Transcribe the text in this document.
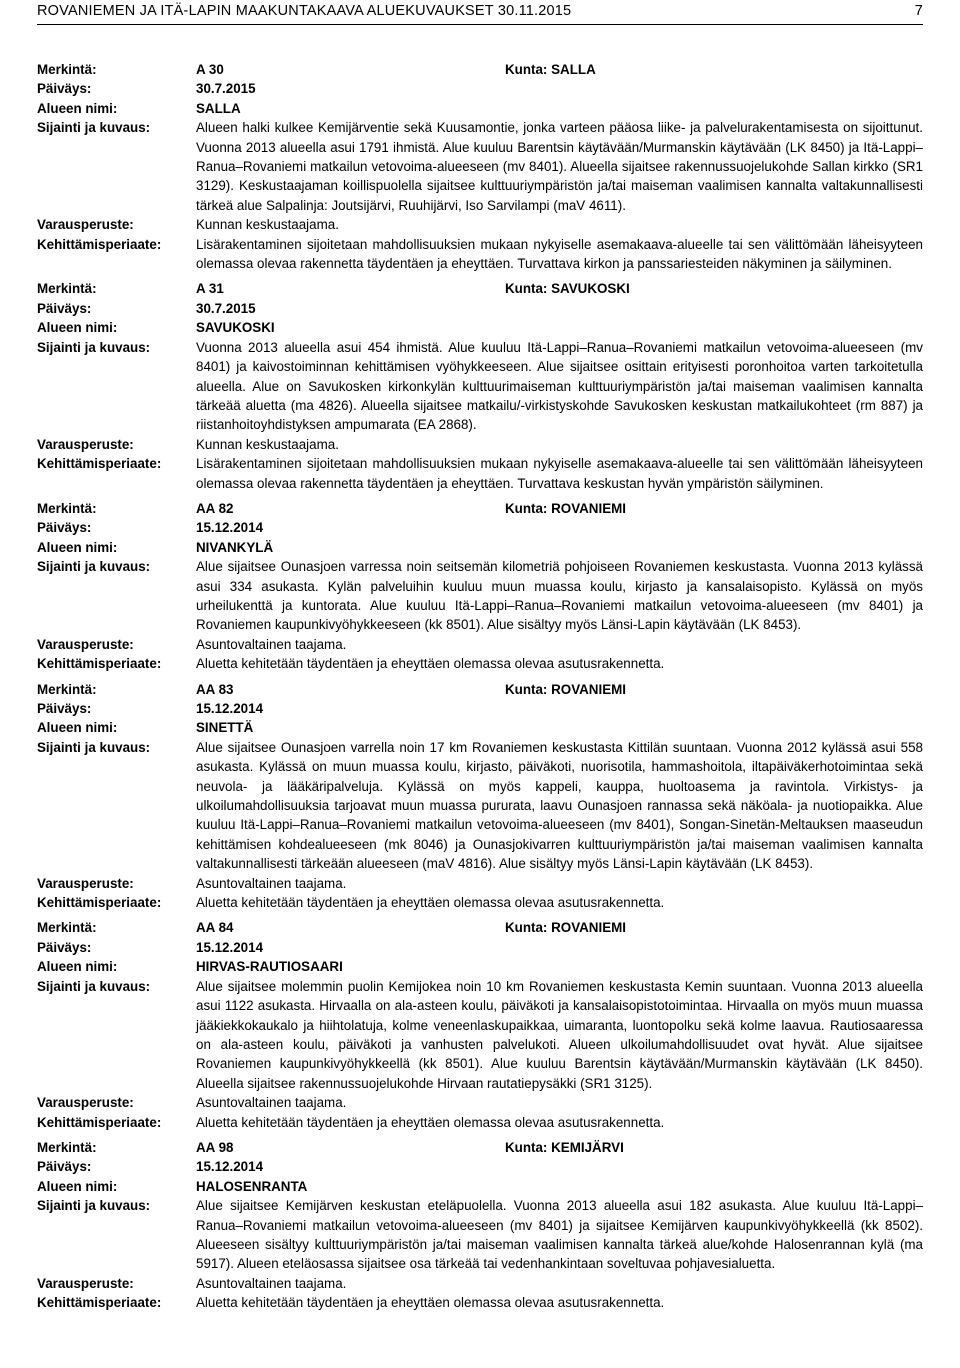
ROVANIEMEN JA ITÄ-LAPIN MAAKUNTAKAAVA ALUEKUVAUKSET 30.11.2015	7
Merkintä:	A 30	Kunta: SALLA
Päiväys:	30.7.2015
Alueen nimi:	SALLA
Sijainti ja kuvaus:	Alueen halki kulkee Kemijärventie sekä Kuusamontie, jonka varteen pääosa liike- ja palvelurakentamisesta on sijoittunut. Vuonna 2013 alueella asui 1791 ihmistä. Alue kuuluu Barentsin käytävään/Murmanskin käytävään (LK 8450) ja Itä-Lappi–Ranua–Rovaniemi matkailun vetovoima-alueeseen (mv 8401). Alueella sijaitsee rakennussuojelukohde Sallan kirkko (SR1 3129). Keskustaajaman koillispuolella sijaitsee kulttuuriympäristön ja/tai maiseman vaalimisen kannalta valtakunnallisesti tärkeä alue Salpalinja: Joutsijärvi, Ruuhijärvi, Iso Sarvilampi (maV 4611).
Varausperuste:	Kunnan keskustaajama.
Kehittämisperiaate:	Lisärakentaminen sijoitetaan mahdollisuuksien mukaan nykyiselle asemakaava-alueelle tai sen välittömään läheisyyteen olemassa olevaa rakennetta täydentäen ja eheyttäen. Turvattava kirkon ja panssariesteiden näkyminen ja säilyminen.
Merkintä:	A 31	Kunta: SAVUKOSKI
Päiväys:	30.7.2015
Alueen nimi:	SAVUKOSKI
Sijainti ja kuvaus:	Vuonna 2013 alueella asui 454 ihmistä. Alue kuuluu Itä-Lappi–Ranua–Rovaniemi matkailun vetovoima-alueeseen (mv 8401) ja kaivostoiminnan kehittämisen vyöhykkeeseen. Alue sijaitsee osittain erityisesti poronhoitoa varten tarkoitetulla alueella. Alue on Savukosken kirkonkylän kulttuurimaiseman kulttuuriympäristön ja/tai maiseman vaalimisen kannalta tärkeää aluetta (ma 4826). Alueella sijaitsee matkailu/-virkistyskohde Savukosken keskustan matkailukohteet (rm 887) ja riistanhoitoyhdistyksen ampumarata (EA 2868).
Varausperuste:	Kunnan keskustaajama.
Kehittämisperiaate:	Lisärakentaminen sijoitetaan mahdollisuuksien mukaan nykyiselle asemakaava-alueelle tai sen välittömään läheisyyteen olemassa olevaa rakennetta täydentäen ja eheyttäen. Turvattava keskustan hyvän ympäristön säilyminen.
Merkintä:	AA 82	Kunta: ROVANIEMI
Päiväys:	15.12.2014
Alueen nimi:	NIVANKYLÄ
Sijainti ja kuvaus:	Alue sijaitsee Ounasjoen varressa noin seitsemän kilometriä pohjoiseen Rovaniemen keskustasta. Vuonna 2013 kylässä asui 334 asukasta. Kylän palveluihin kuuluu muun muassa koulu, kirjasto ja kansalaisopisto. Kylässä on myös urheilukenttä ja kuntorata. Alue kuuluu Itä-Lappi–Ranua–Rovaniemi matkailun vetovoima-alueeseen (mv 8401) ja Rovaniemen kaupunkivyöhykkeeseen (kk 8501). Alue sisältyy myös Länsi-Lapin käytävään (LK 8453).
Varausperuste:	Asuntovaltainen taajama.
Kehittämisperiaate:	Aluetta kehitetään täydentäen ja eheyttäen olemassa olevaa asutusrakennetta.
Merkintä:	AA 83	Kunta: ROVANIEMI
Päiväys:	15.12.2014
Alueen nimi:	SINETTÄ
Sijainti ja kuvaus:	Alue sijaitsee Ounasjoen varrella noin 17 km Rovaniemen keskustasta Kittilän suuntaan. Vuonna 2012 kylässä asui 558 asukasta. Kylässä on muun muassa koulu, kirjasto, päiväkoti, nuorisotila, hammashoitola, iltapäiväkerhotoimintaa sekä neuvola- ja lääkäripalveluja. Kylässä on myös kappeli, kauppa, huoltoasema ja ravintola. Virkistys- ja ulkoilumahdollisuuksia tarjoavat muun muassa pururata, laavu Ounasjoen rannassa sekä näköala- ja nuotiopaikka. Alue kuuluu Itä-Lappi–Ranua–Rovaniemi matkailun vetovoima-alueeseen (mv 8401), Songan-Sinetän-Meltauksen maaseudun kehittämisen kohdealueeseen (mk 8046) ja Ounasjokivarren kulttuuriympäristön ja/tai maiseman vaalimisen kannalta valtakunnallisesti tärkeään alueeseen (maV 4816). Alue sisältyy myös Länsi-Lapin käytävään (LK 8453).
Varausperuste:	Asuntovaltainen taajama.
Kehittämisperiaate:	Aluetta kehitetään täydentäen ja eheyttäen olemassa olevaa asutusrakennetta.
Merkintä:	AA 84	Kunta: ROVANIEMI
Päiväys:	15.12.2014
Alueen nimi:	HIRVAS-RAUTIOSAARI
Sijainti ja kuvaus:	Alue sijaitsee molemmin puolin Kemijokea noin 10 km Rovaniemen keskustasta Kemin suuntaan. Vuonna 2013 alueella asui 1122 asukasta. Hirvaalla on ala-asteen koulu, päiväkoti ja kansalaisopistotoimintaa. Hirvaalla on myös muun muassa jääkiekkokaukalo ja hiihtolatuja, kolme veneenlaskupaikkaa, uimaranta, luontopolku sekä kolme laavua. Rautiosaaressa on ala-asteen koulu, päiväkoti ja vanhusten palvelukoti. Alueen ulkoilumahdollisuudet ovat hyvät. Alue sijaitsee Rovaniemen kaupunkivyöhykkeellä (kk 8501). Alue kuuluu Barentsin käytävään/Murmanskin käytävään (LK 8450). Alueella sijaitsee rakennussuojelukohde Hirvaan rautatiepysäkki (SR1 3125).
Varausperuste:	Asuntovaltainen taajama.
Kehittämisperiaate:	Aluetta kehitetään täydentäen ja eheyttäen olemassa olevaa asutusrakennetta.
Merkintä:	AA 98	Kunta: KEMIJÄRVI
Päiväys:	15.12.2014
Alueen nimi:	HALOSENRANTA
Sijainti ja kuvaus:	Alue sijaitsee Kemijärven keskustan eteläpuolella. Vuonna 2013 alueella asui 182 asukasta. Alue kuuluu Itä-Lappi–Ranua–Rovaniemi matkailun vetovoima-alueeseen (mv 8401) ja sijaitsee Kemijärven kaupunkivyöhykkeellä (kk 8502). Alueeseen sisältyy kulttuuriympäristön ja/tai maiseman vaalimisen kannalta tärkeä alue/kohde Halosenrannan kylä (ma 5917). Alueen eteläosassa sijaitsee osa tärkeää tai vedenhankintaan soveltuvaa pohjavesialuetta.
Varausperuste:	Asuntovaltainen taajama.
Kehittämisperiaate:	Aluetta kehitetään täydentäen ja eheyttäen olemassa olevaa asutusrakennetta.
